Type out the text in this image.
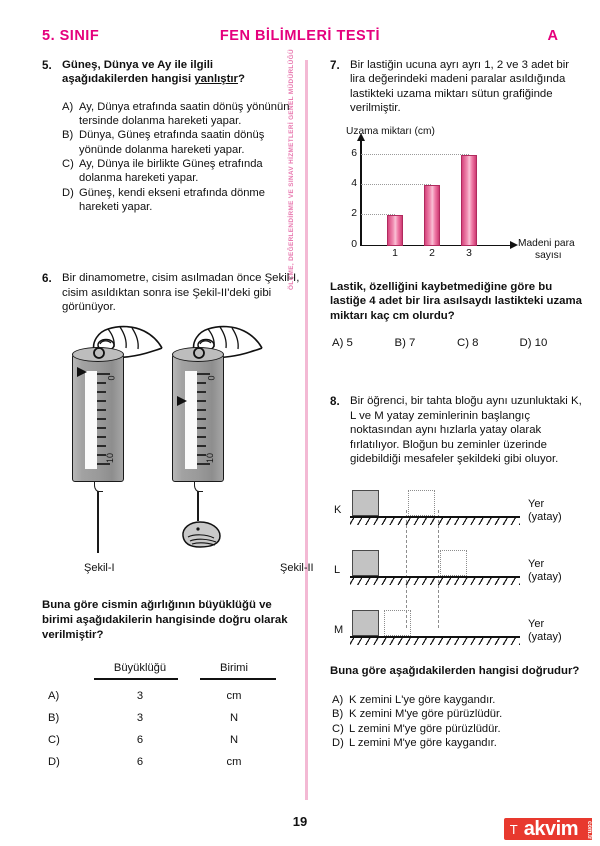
5. SINIF	FEN BİLİMLERİ TESTİ	A
ÖLÇME, DEĞERLENDİRME VE SINAV HİZMETLERİ GENEL MÜDÜRLÜĞÜ
5. Güneş, Dünya ve Ay ile ilgili aşağıdakilerden hangisi yanlıştır?
A) Ay, Dünya etrafında saatin dönüş yönünün tersinde dolanma hareketi yapar.
B) Dünya, Güneş etrafında saatin dönüş yönünde dolanma hareketi yapar.
C) Ay, Dünya ile birlikte Güneş etrafında dolanma hareketi yapar.
D) Güneş, kendi ekseni etrafında dönme hareketi yapar.
6. Bir dinamometre, cisim asılmadan önce Şekil-I, cisim asıldıktan sonra ise Şekil-II'deki gibi görünüyor.
0
10
Şekil-I
0
10
Şekil-II
Buna göre cismin ağırlığının büyüklüğü ve birimi aşağıdakilerin hangisinde doğru olarak verilmiştir?
Büyüklüğü	Birimi
A)	3	cm
B)	3	N
C)	6	N
D)	6	cm
7. Bir lastiğin ucuna ayrı ayrı 1, 2 ve 3 adet bir lira değerindeki madeni paralar asıldığında lastikteki uzama miktarı sütun grafiğinde verilmiştir.
Uzama miktarı (cm)
0
2
4
6
1	2	3
Madeni para
sayısı
Lastik, özelliğini kaybetmediğine göre bu lastiğe 4 adet bir lira asılsaydı lastikteki uzama miktarı kaç cm olurdu?
A) 5	B) 7	C) 8	D) 10
8. Bir öğrenci, bir tahta bloğu aynı uzunluktaki K, L ve M yatay zeminlerinin başlangıç noktasından aynı hızlarla yatay olarak fırlatılıyor. Bloğun bu zeminler üzerinde gidebildiği mesafeler şekildeki gibi oluyor.
K	Yer
(yatay)
L	Yer
(yatay)
M	Yer
(yatay)
Buna göre aşağıdakilerden hangisi doğrudur?
A) K zemini L'ye göre kaygandır.
B) K zemini M'ye göre pürüzlüdür.
C) L zemini M'ye göre pürüzlüdür.
D) L zemini M'ye göre kaygandır.
19	T akvim	com.tr
